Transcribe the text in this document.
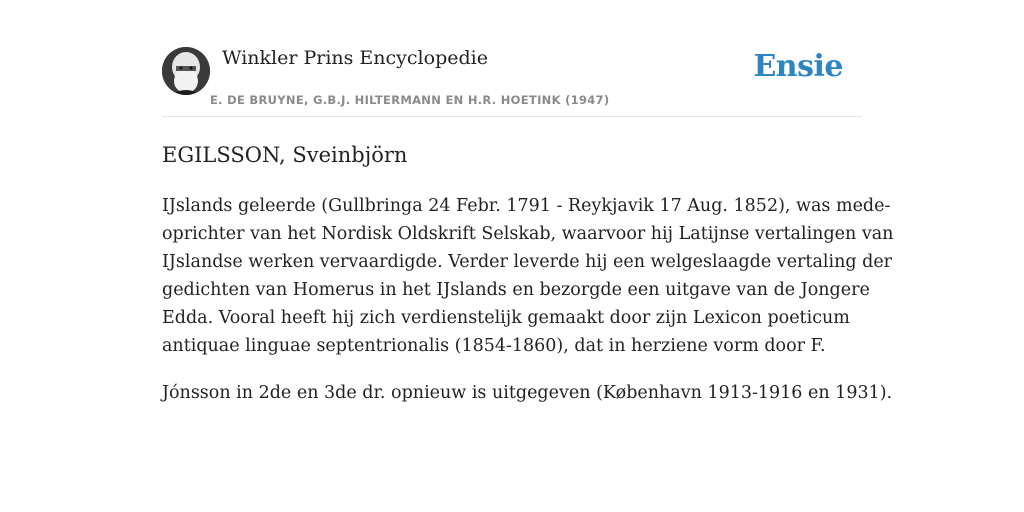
Winkler Prins Encyclopedie
E. DE BRUYNE, G.B.J. HILTERMANN EN H.R. HOETINK (1947)
Ensie
EGILSSON, Sveinbjörn

IJslands geleerde (Gullbringa 24 Febr. 1791 - Reykjavik 17 Aug. 1852), was mede-
oprichter van het Nordisk Oldskrift Selskab, waarvoor hij Latijnse vertalingen van
IJslandse werken vervaardigde. Verder leverde hij een welgeslaagde vertaling der
gedichten van Homerus in het IJslands en bezorgde een uitgave van de Jongere
Edda. Vooral heeft hij zich verdienstelijk gemaakt door zijn Lexicon poeticum
antiquae linguae septentrionalis (1854-1860), dat in herziene vorm door F.

Jónsson in 2de en 3de dr. opnieuw is uitgegeven (København 1913-1916 en 1931).
